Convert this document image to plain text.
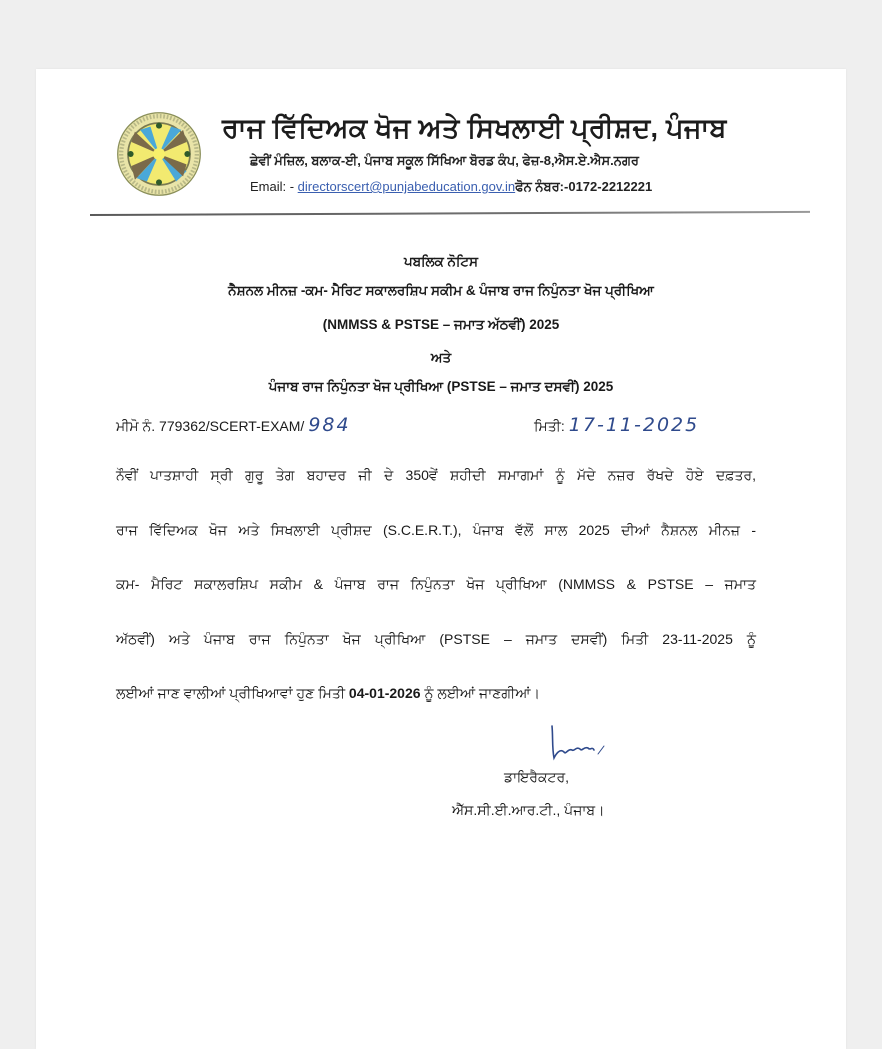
ਰਾਜ ਵਿੱਦਿਅਕ ਖੋਜ ਅਤੇ ਸਿਖਲਾਈ ਪ੍ਰੀਸ਼ਦ, ਪੰਜਾਬ
ਛੇਵੀਂ ਮੰਜ਼ਿਲ, ਬਲਾਕ-ਈ, ਪੰਜਾਬ ਸਕੂਲ ਸਿੱਖਿਆ ਬੋਰਡ ਕੰਪ, ਫੇਜ਼-8,ਐਸ.ਏ.ਐਸ.ਨਗਰ
Email: - directorscert@punjabeducation.gov.inਫੋਨ ਨੰਬਰ:-0172-2212221
ਪਬਲਿਕ ਨੋਟਿਸ
ਨੈਸ਼ਨਲ ਮੀਨਜ਼ -ਕਮ- ਮੈਰਿਟ ਸਕਾਲਰਸ਼ਿਪ ਸਕੀਮ & ਪੰਜਾਬ ਰਾਜ ਨਿਪੁੰਨਤਾ ਖੋਜ ਪ੍ਰੀਖਿਆ
(NMMSS & PSTSE – ਜਮਾਤ ਅੱਠਵੀਂ) 2025
ਅਤੇ
ਪੰਜਾਬ ਰਾਜ ਨਿਪੁੰਨਤਾ ਖੋਜ ਪ੍ਰੀਖਿਆ (PSTSE – ਜਮਾਤ ਦਸਵੀਂ) 2025
ਮੀਮੋ ਨੰ. 779362/SCERT-EXAM/ 984	ਮਿਤੀ: 17-11-2025
ਨੌਵੀਂ ਪਾਤਸ਼ਾਹੀ ਸ੍ਰੀ ਗੁਰੂ ਤੇਗ ਬਹਾਦਰ ਜੀ ਦੇ 350ਵੇਂ ਸ਼ਹੀਦੀ ਸਮਾਗਮਾਂ ਨੂੰ ਮੱਦੇ ਨਜ਼ਰ ਰੱਖਦੇ ਹੋਏ ਦਫ਼ਤਰ,
ਰਾਜ ਵਿੱਦਿਅਕ ਖੋਜ ਅਤੇ ਸਿਖਲਾਈ ਪ੍ਰੀਸ਼ਦ (S.C.E.R.T.), ਪੰਜਾਬ ਵੱਲੋਂ ਸਾਲ 2025 ਦੀਆਂ ਨੈਸ਼ਨਲ ਮੀਨਜ਼ -
ਕਮ- ਮੈਰਿਟ ਸਕਾਲਰਸ਼ਿਪ ਸਕੀਮ & ਪੰਜਾਬ ਰਾਜ ਨਿਪੁੰਨਤਾ ਖੋਜ ਪ੍ਰੀਖਿਆ (NMMSS & PSTSE – ਜਮਾਤ
ਅੱਠਵੀਂ) ਅਤੇ ਪੰਜਾਬ ਰਾਜ ਨਿਪੁੰਨਤਾ ਖੋਜ ਪ੍ਰੀਖਿਆ (PSTSE – ਜਮਾਤ ਦਸਵੀਂ) ਮਿਤੀ 23-11-2025 ਨੂੰ
ਲਈਆਂ ਜਾਣ ਵਾਲੀਆਂ ਪ੍ਰੀਖਿਆਵਾਂ ਹੁਣ ਮਿਤੀ 04-01-2026 ਨੂੰ ਲਈਆਂ ਜਾਣਗੀਆਂ।
ਡਾਇਰੈਕਟਰ,
ਐੱਸ.ਸੀ.ਈ.ਆਰ.ਟੀ., ਪੰਜਾਬ।
